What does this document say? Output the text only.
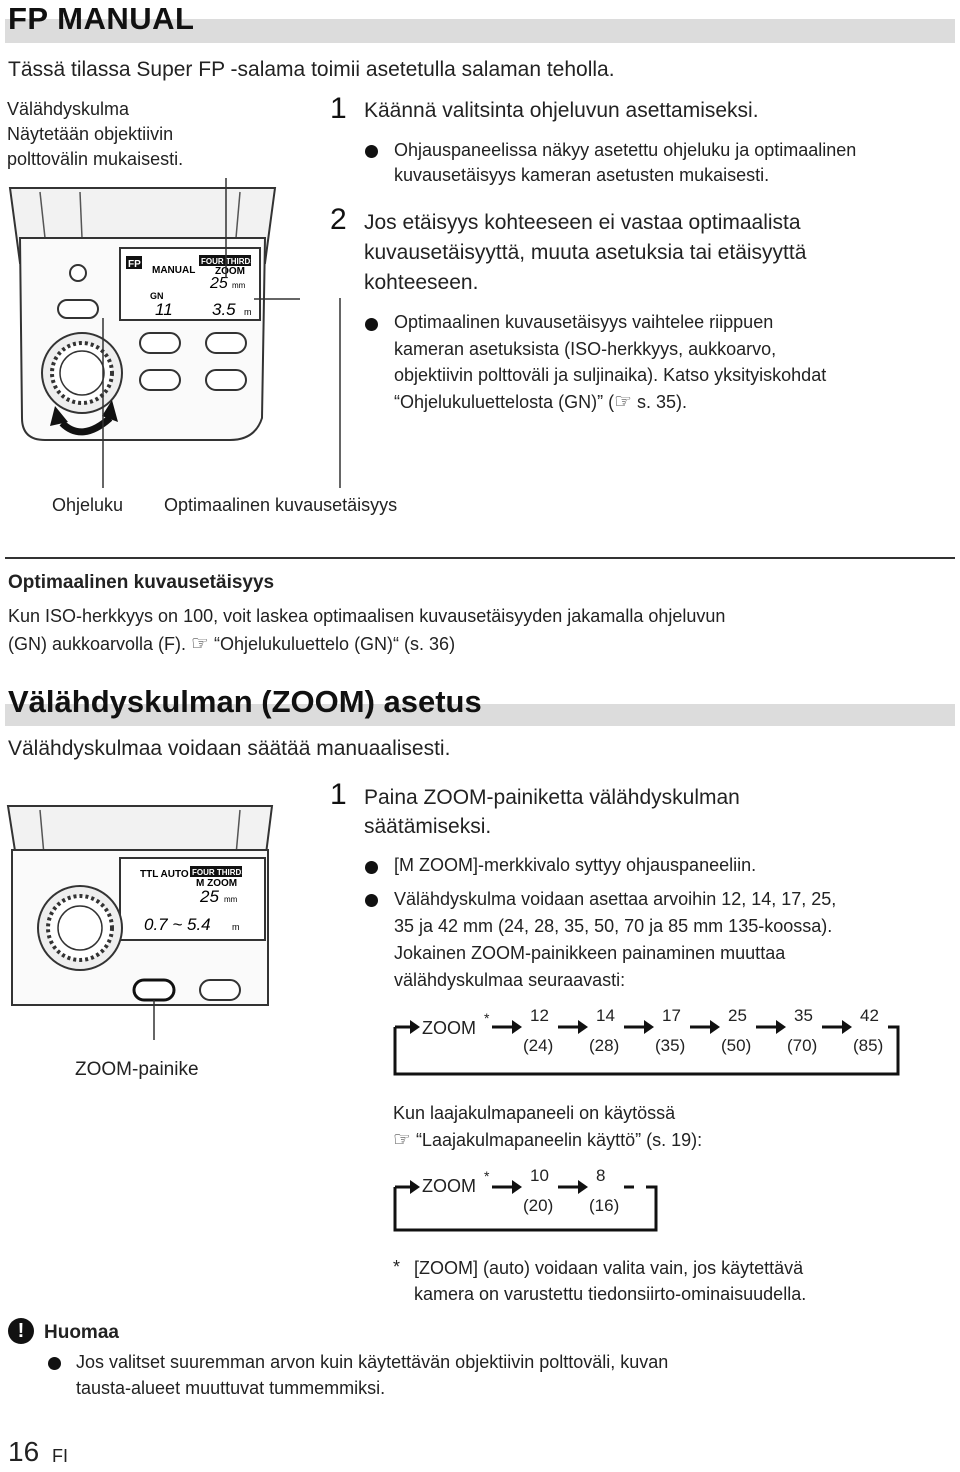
FP MANUAL
Tässä tilassa Super FP -salama toimii asetetulla salaman teholla.
Välähdyskulma
Näytetään objektiivin
polttovälin mukaisesti.
FP
MANUAL
FOUR THIRDS
ZOOM
25 mm
GN
11 3.5 m
Ohjeluku Optimaalinen kuvausetäisyys
1 Käännä valitsinta ohjeluvun asettamiseksi.
Ohjauspaneelissa näkyy asetettu ohjeluku ja optimaalinen
kuvausetäisyys kameran asetusten mukaisesti.
2 Jos etäisyys kohteeseen ei vastaa optimaalista
kuvausetäisyyttä, muuta asetuksia tai etäisyyttä
kohteeseen.
Optimaalinen kuvausetäisyys vaihtelee riippuen
kameran asetuksista (ISO-herkkyys, aukkoarvo,
objektiivin polttoväli ja suljinaika). Katso yksityiskohdat
“Ohjelukuluettelosta (GN)” (☞ s. 35).
Optimaalinen kuvausetäisyys
Kun ISO-herkkyys on 100, voit laskea optimaalisen kuvausetäisyyden jakamalla ohjeluvun
(GN) aukkoarvolla (F). ☞ “Ohjelukuluettelo (GN)“ (s. 36)
Välähdyskulman (ZOOM) asetus
Välähdyskulmaa voidaan säätää manuaalisesti.
TTL AUTO FOUR THIRDS
M ZOOM
25 mm
0.7 ~ 5.4 m
ZOOM-painike
1 Paina ZOOM-painiketta välähdyskulman
säätämiseksi.
[M ZOOM]-merkkivalo syttyy ohjauspaneeliin.
Välähdyskulma voidaan asettaa arvoihin 12, 14, 17, 25,
35 ja 42 mm (24, 28, 35, 50, 70 ja 85 mm 135-koossa).
Jokainen ZOOM-painikkeen painaminen muuttaa
välähdyskulmaa seuraavasti:
ZOOM * 12
(24)
14
(28)
17
(35)
25
(50)
35
(70)
42
(85)
Kun laajakulmapaneeli on käytössä
☞ “Laajakulmapaneelin käyttö” (s. 19):
ZOOM * 10
(20)
8
(16)
* [ZOOM] (auto) voidaan valita vain, jos käytettävä
kamera on varustettu tiedonsiirto-ominaisuudella.
!	Huomaa
Jos valitset suuremman arvon kuin käytettävän objektiivin polttoväli, kuvan
tausta-alueet muuttuvat tummemmiksi.
16 FI
